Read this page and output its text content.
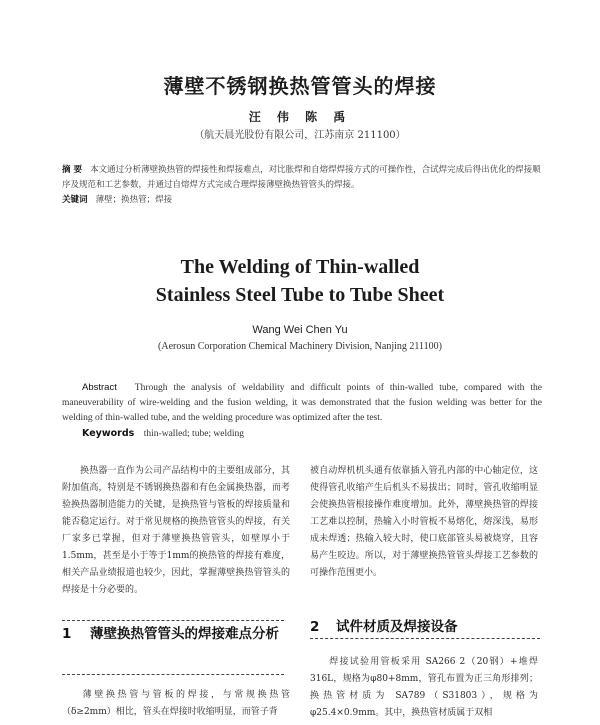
薄壁不锈钢换热管管头的焊接
汪 伟 陈 禹
（航天晨光股份有限公司，江苏南京 211100）
摘 要 本文通过分析薄壁换热管的焊接性和焊接难点，对比胀焊和自熔焊焊接方式的可操作性，合试焊完成后得出优化的焊接顺序及规范和工艺参数，并通过自熔焊方式完成合理焊接薄壁换热管管头的焊接。
关键词 薄壁；换热管；焊接
The Welding of Thin-walled
Stainless Steel Tube to Tube Sheet
Wang Wei Chen Yu
(Aerosun Corporation Chemical Machinery Division, Nanjing 211100)
Abstract Through the analysis of weldability and difficult points of thin-walled tube, compared with the maneuverability of wire-welding and the fusion welding, it was demonstrated that the fusion welding was better for the welding of thin-walled tube, and the welding procedure was optimized after the test.
Keywords thin-walled; tube; welding
换热器一直作为公司产品结构中的主要组成部分，其附加值高，特别是不锈钢换热器和有色金属换热器，而考验换热器制造能力的关键，是换热管与管板的焊接质量和能否稳定运行。对于常见规格的换热管管头的焊接，有关厂家多已掌握，但对于薄壁换热管管头，如壁厚小于1.5mm，甚至是小于等于1mm的换热管的焊接有难度，相关产品业绩报道也较少，因此，掌握薄壁换热管管头的焊接是十分必要的。
被自动焊机机头通有依靠插入管孔内部的中心轴定位，这使得管孔收缩产生后机头不易拔出；同时，管孔收缩明显会使换热管根接操作难度增加。此外，薄壁换热管的焊接工艺难以控制，热输入小时管板不易熔化，熔深浅，易形成未焊透；热输入较大时，使口底部管头易被烧穿，且容易产生咬边。所以，对于薄壁换热管管头焊接工艺参数的可操作范围更小。
1 薄壁换热管管头的焊接难点分析
薄壁换热管与管板的焊接，与常规换热管（δ≥2mm）相比，管头在焊接时收缩明显，而管子背
2 试件材质及焊接设备
焊接试验用管板采用 SA266 2（20钢）+堆焊316L，规格为φ80+8mm，管孔布置为正三角形排列；换热管材质为 SA789（S31803），规格为φ25.4×0.9mm。其中，换热管材质属于双相
